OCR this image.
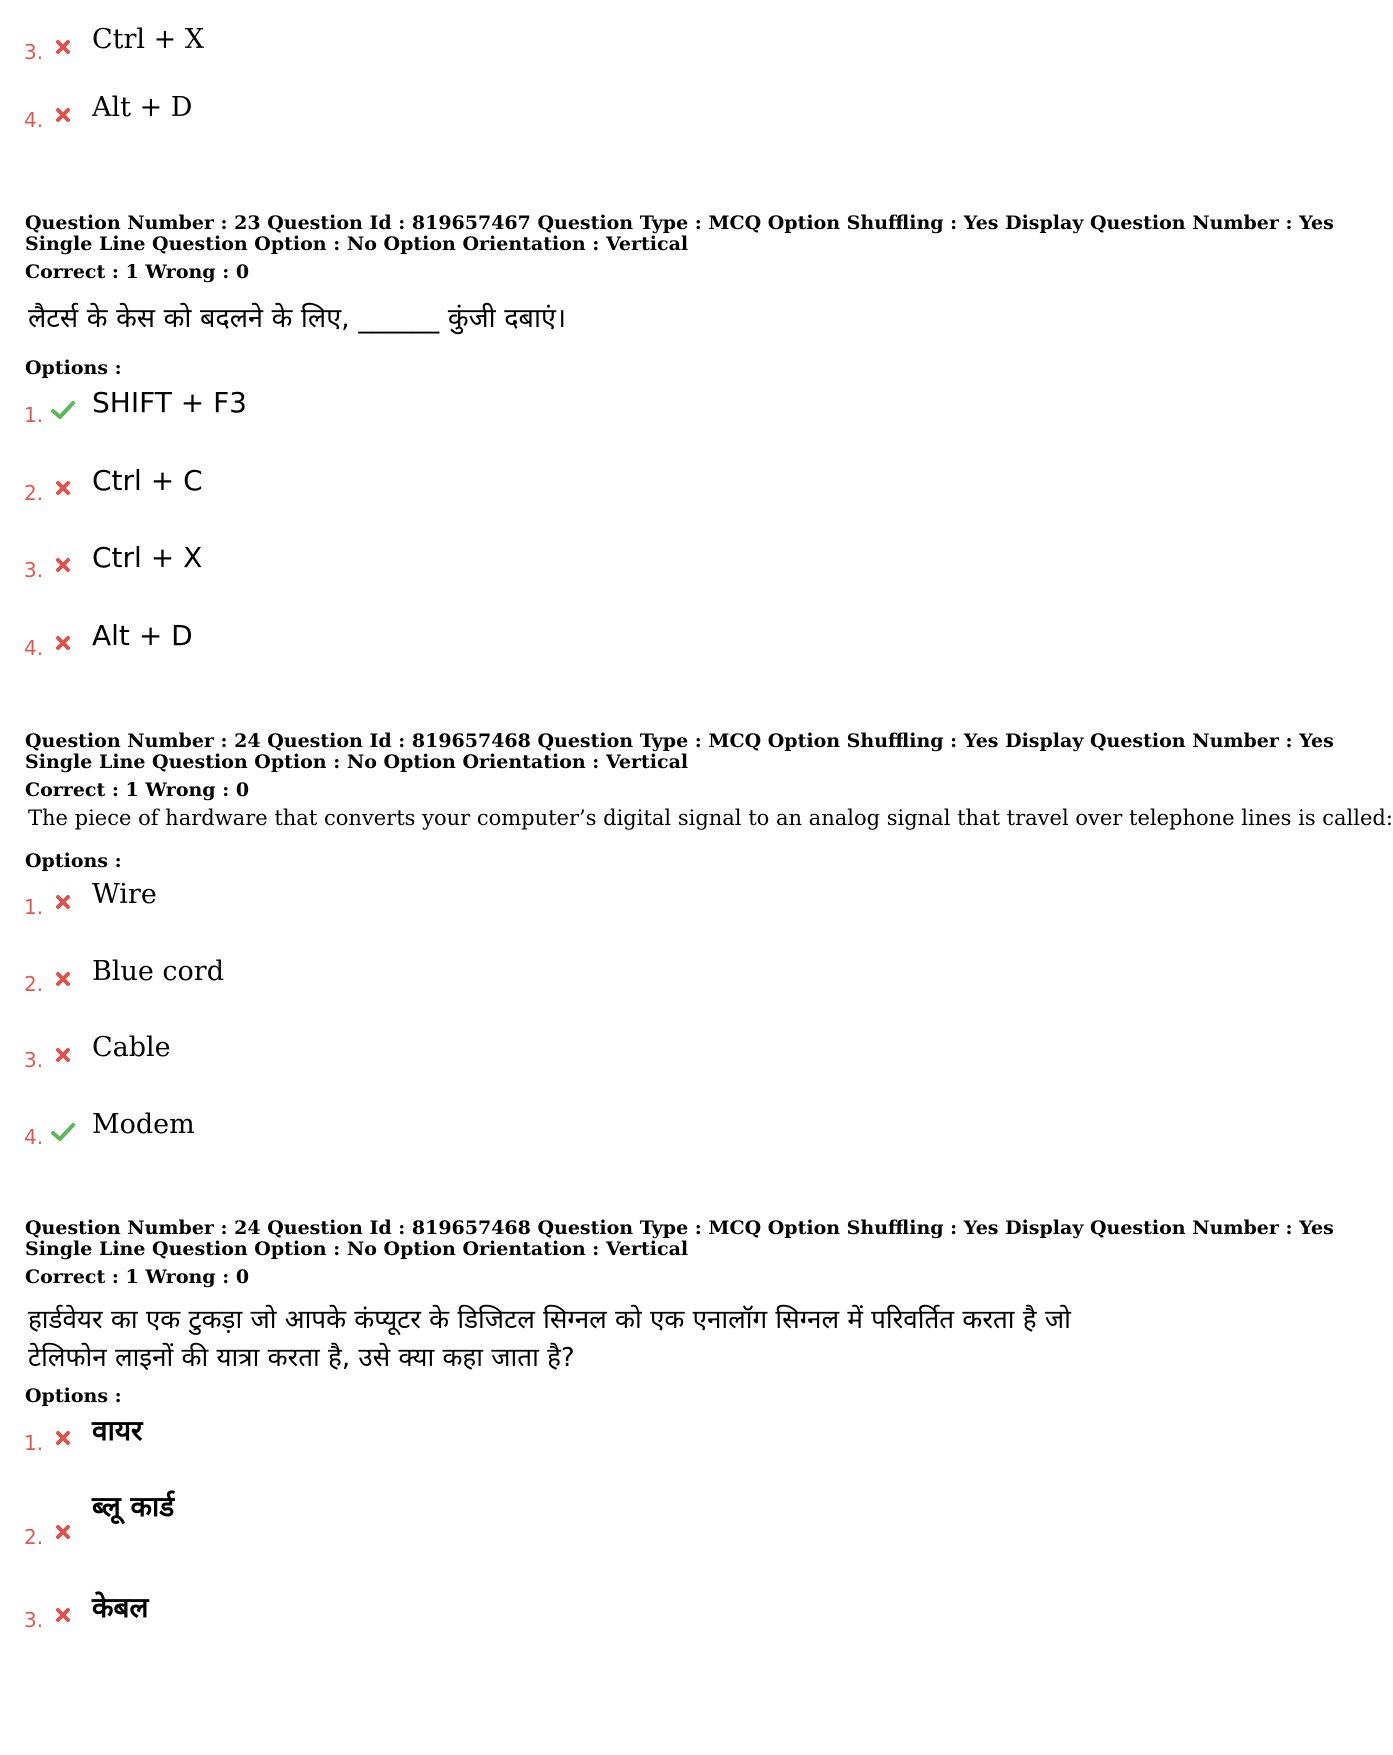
3. Ctrl + X
4. Alt + D
Question Number : 23 Question Id : 819657467 Question Type : MCQ Option Shuffling : Yes Display Question Number : Yes
Single Line Question Option : No Option Orientation : Vertical
Correct : 1 Wrong : 0
लैटर्स के केस को बदलने के लिए, ______ कुंजी दबाएं।
Options :
1. SHIFT + F3
2. Ctrl + C
3. Ctrl + X
4. Alt + D
Question Number : 24 Question Id : 819657468 Question Type : MCQ Option Shuffling : Yes Display Question Number : Yes
Single Line Question Option : No Option Orientation : Vertical
Correct : 1 Wrong : 0
The piece of hardware that converts your computer’s digital signal to an analog signal that travel over telephone lines is called:
Options :
1. Wire
2. Blue cord
3. Cable
4. Modem
Question Number : 24 Question Id : 819657468 Question Type : MCQ Option Shuffling : Yes Display Question Number : Yes
Single Line Question Option : No Option Orientation : Vertical
Correct : 1 Wrong : 0
हार्डवेयर का एक टुकड़ा जो आपके कंप्यूटर के डिजिटल सिग्नल को एक एनालॉग सिग्नल में परिवर्तित करता है जो
टेलिफोन लाइनों की यात्रा करता है, उसे क्या कहा जाता है?
Options :
1. वायर
2.
ब्लू कार्ड
3. केबल
